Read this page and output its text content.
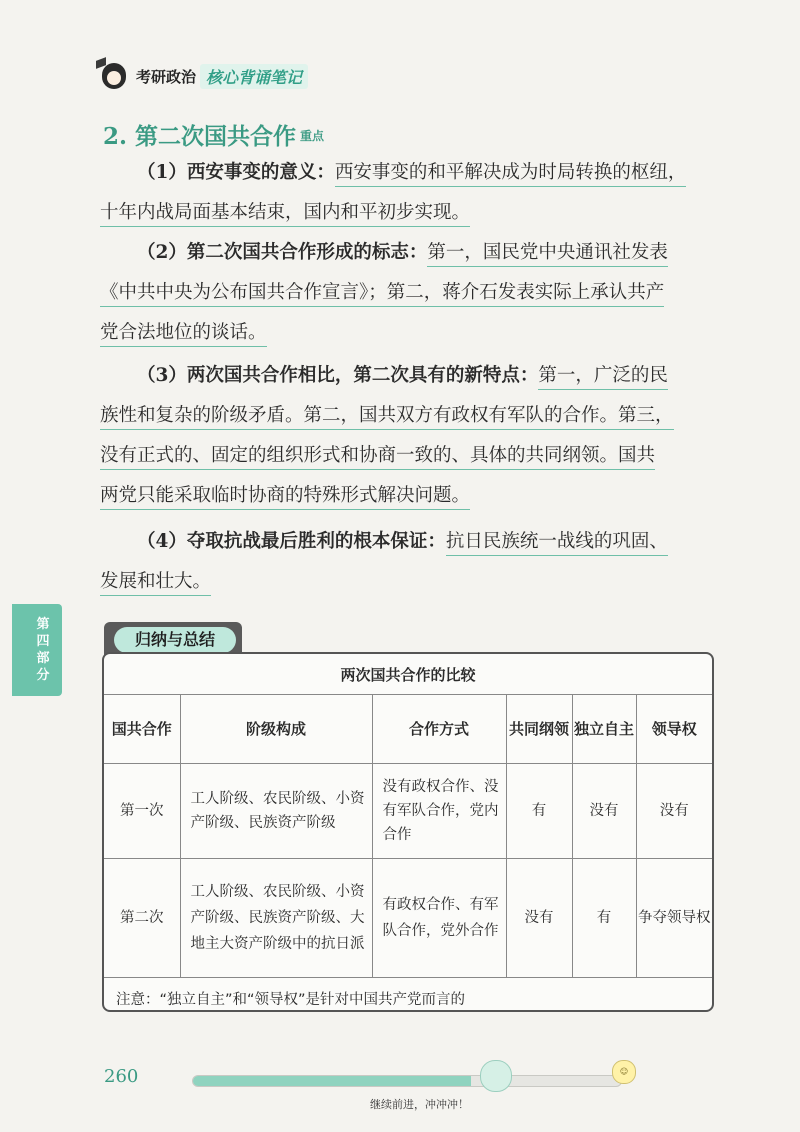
考研政治 核心背诵笔记
2. 第二次国共合作 重点
（1）西安事变的意义：西安事变的和平解决成为时局转换的枢纽，
十年内战局面基本结束，国内和平初步实现。
（2）第二次国共合作形成的标志：第一，国民党中央通讯社发表
《中共中央为公布国共合作宣言》；第二，蒋介石发表实际上承认共产
党合法地位的谈话。
（3）两次国共合作相比，第二次具有的新特点：第一，广泛的民
族性和复杂的阶级矛盾。第二，国共双方有政权有军队的合作。第三，
没有正式的、固定的组织形式和协商一致的、具体的共同纲领。国共
两党只能采取临时协商的特殊形式解决问题。
（4）夺取抗战最后胜利的根本保证：抗日民族统一战线的巩固、
发展和壮大。
第四部分
归纳与总结
两次国共合作的比较					
国共合作	阶级构成	合作方式	共同纲领	独立自主	领导权
第一次	工人阶级、农民阶级、小资产阶级、民族资产阶级	没有政权合作、没有军队合作，党内合作	有	没有	没有
第二次	工人阶级、农民阶级、小资产阶级、民族资产阶级、大地主大资产阶级中的抗日派	有政权合作、有军队合作，党外合作	没有	有	争夺领导权
注意：“独立自主”和“领导权”是针对中国共产党而言的					
260	☺
继续前进，冲冲冲！
